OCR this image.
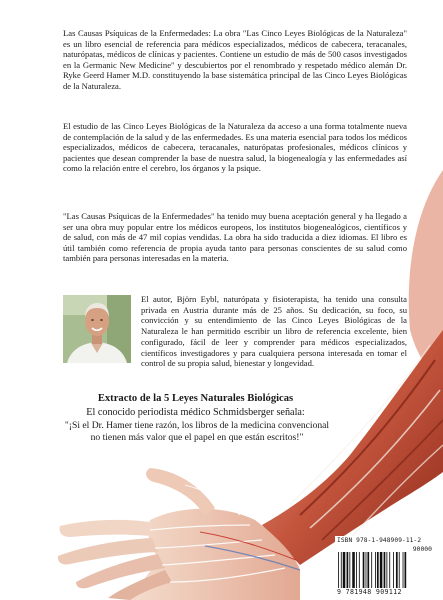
Las Causas Psíquicas de la Enfermedades: La obra "Las Cinco Leyes Biológicas de la Naturaleza" es un libro esencial de referencia para médicos especializados, médicos de cabecera, teracanales, naturópatas, médicos de clínicas y pacientes. Contiene un estudio de más de 500 casos investigados en la Germanic New Medicine" y descubiertos por el renombrado y respetado médico alemán Dr. Ryke Geerd Hamer M.D. constituyendo la base sistemática principal de las Cinco Leyes Biológicas de la Naturaleza.

El estudio de las Cinco Leyes Biológicas de la Naturaleza da acceso a una forma totalmente nueva de contemplación de la salud y de las enfermedades. Es una materia esencial para todos los médicos especializados, médicos de cabecera, teracanales, naturópatas profesionales, médicos clínicos y pacientes que desean comprender la base de nuestra salud, la biogenealogía y las enfermedades así como la relación entre el cerebro, los órganos y la psique.

"Las Causas Psíquicas de la Enfermedades" ha tenido muy buena aceptación general y ha llegado a ser una obra muy popular entre los médicos europeos, los institutos biogenealógicos, científicos y de salud, con más de 47 mil copias vendidas. La obra ha sido traducida a diez idiomas. El libro es útil también como referencia de propia ayuda tanto para personas conscientes de su salud como también para personas interesadas en la materia.

El autor, Björn Eybl, naturópata y fisioterapista, ha tenido una consulta privada en Austria durante más de 25 años. Su dedicación, su foco, su convicción y su entendimiento de las Cinco Leyes Biológicas de la Naturaleza le han permitido escribir un libro de referencia excelente, bien configurado, fácil de leer y comprender para médicos especializados, científicos investigadores y para cualquiera persona interesada en tomar el control de su propia salud, bienestar y longevidad.

Extracto de la 5 Leyes Naturales Biológicas

El conocido periodista médico Schmidsberger señala:

"¡Si el Dr. Hamer tiene razón, los libros de la medicina convencional no tienen más valor que el papel en que están escritos!"

ISBN 978-1-948909-11-2
90000
9 781948 909112
